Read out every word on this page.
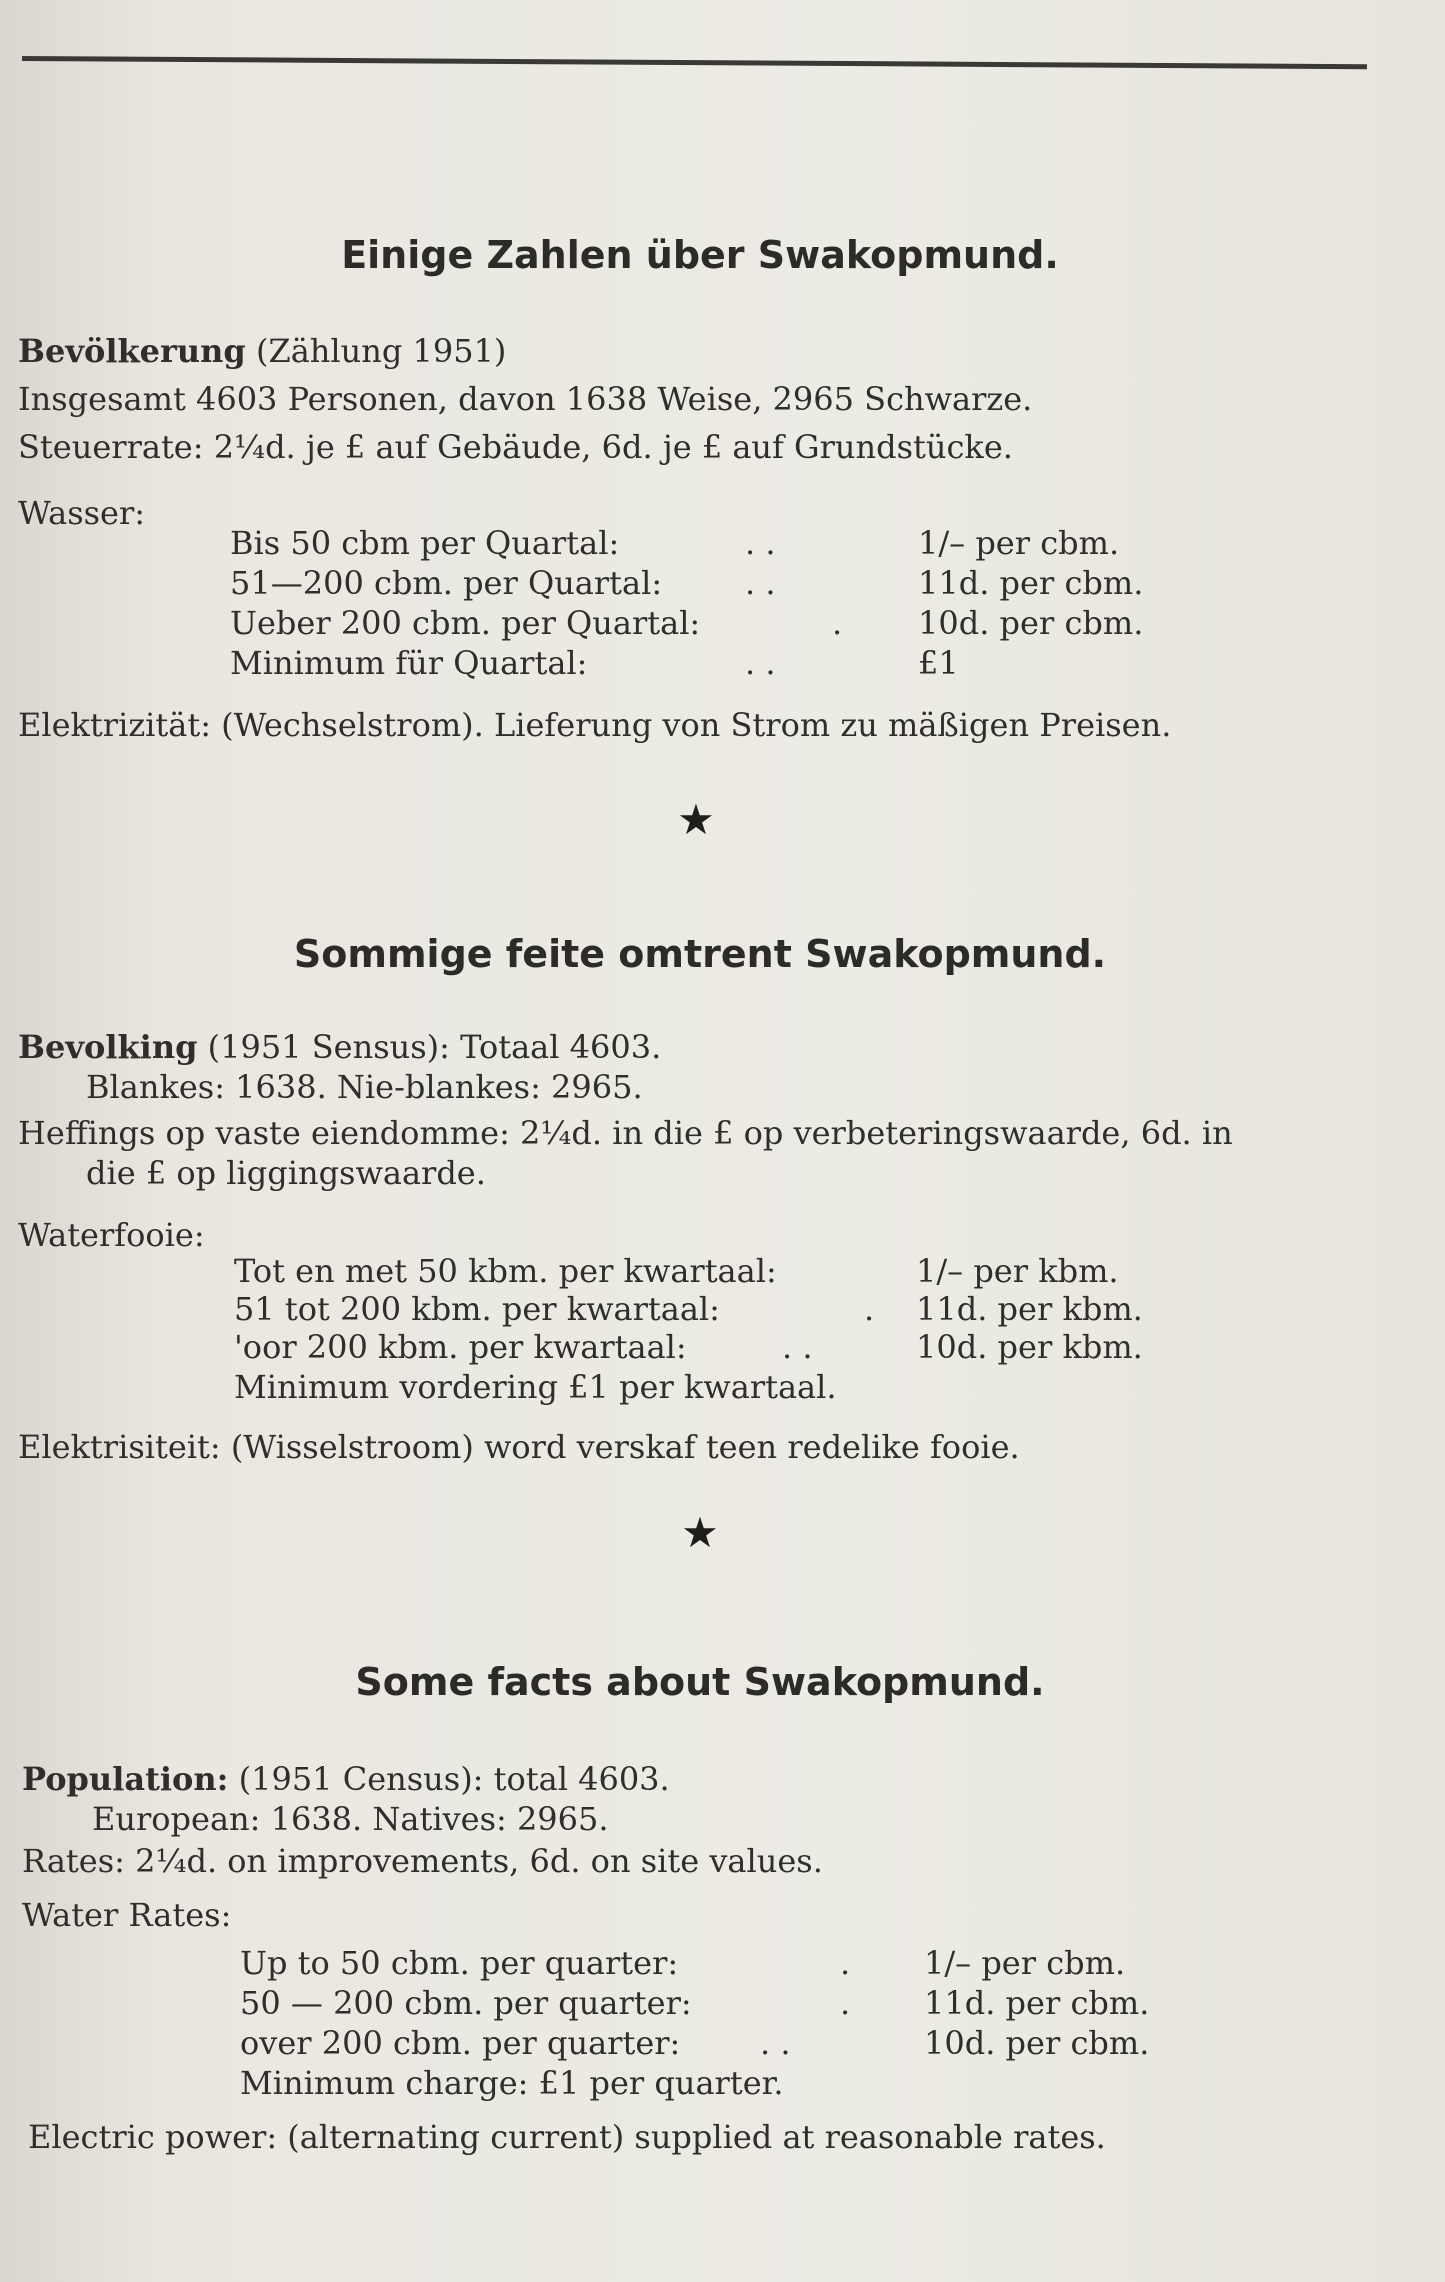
Einige Zahlen über Swakopmund.
Bevölkerung (Zählung 1951)
Insgesamt 4603 Personen, davon 1638 Weise, 2965 Schwarze.
Steuerrate: 2¼d. je £ auf Gebäude, 6d. je £ auf Grundstücke.
Wasser:
Bis 50 cbm per Quartal:	. .	1/– per cbm.
51—200 cbm. per Quartal:	. .	11d. per cbm.
Ueber 200 cbm. per Quartal:	. 10d. per cbm.
Minimum für Quartal:	. .	£1
Elektrizität: (Wechselstrom). Lieferung von Strom zu mäßigen Preisen.
★
Sommige feite omtrent Swakopmund.
Bevolking (1951 Sensus): Totaal 4603.
Blankes: 1638. Nie-blankes: 2965.
Heffings op vaste eiendomme: 2¼d. in die £ op verbeteringswaarde, 6d. in
die £ op liggingswaarde.
Waterfooie:
Tot en met 50 kbm. per kwartaal:	1/– per kbm.
51 tot 200 kbm. per kwartaal:	. 11d. per kbm.
'oor 200 kbm. per kwartaal:	. .	10d. per kbm.
Minimum vordering £1 per kwartaal.
Elektrisiteit: (Wisselstroom) word verskaf teen redelike fooie.
★
Some facts about Swakopmund.
Population: (1951 Census): total 4603.
European: 1638. Natives: 2965.
Rates: 2¼d. on improvements, 6d. on site values.
Water Rates:
Up to 50 cbm. per quarter:	. 1/– per cbm.
50 — 200 cbm. per quarter:	. 11d. per cbm.
over 200 cbm. per quarter: . .	10d. per cbm.
Minimum charge: £1 per quarter.
Electric power: (alternating current) supplied at reasonable rates.
